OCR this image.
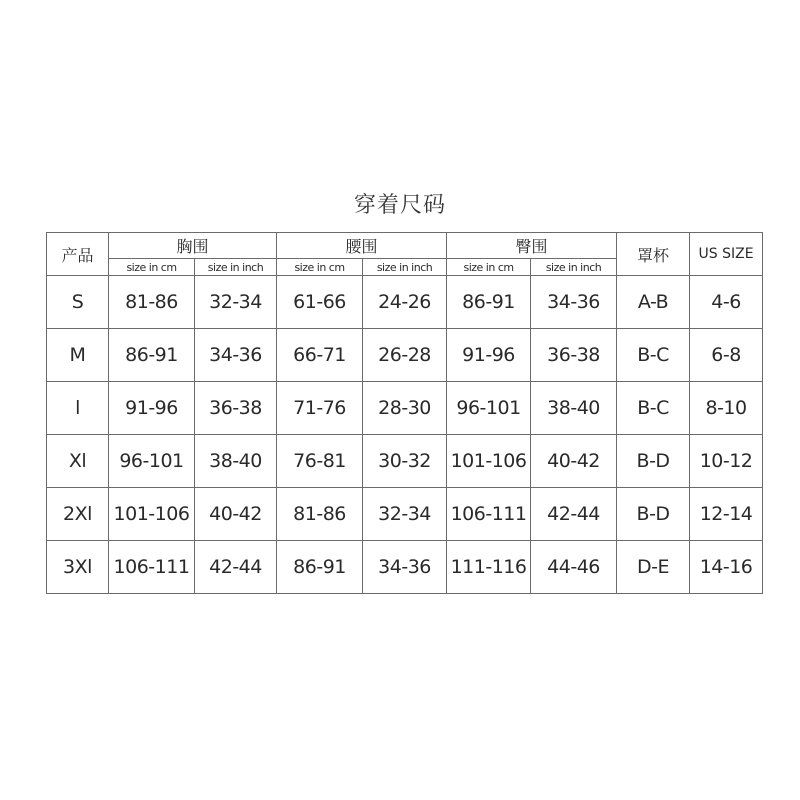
穿着尺码
产品	胸围		腰围		臀围		罩杯	US SIZE
	size in cm	size in inch	size in cm	size in inch	size in cm	size in inch		
S	81-86	32-34	61-66	24-26	86-91	34-36	A-B	4-6
M	86-91	34-36	66-71	26-28	91-96	36-38	B-C	6-8
l	91-96	36-38	71-76	28-30	96-101	38-40	B-C	8-10
Xl	96-101	38-40	76-81	30-32	101-106	40-42	B-D	10-12
2Xl	101-106	40-42	81-86	32-34	106-111	42-44	B-D	12-14
3Xl	106-111	42-44	86-91	34-36	111-116	44-46	D-E	14-16
